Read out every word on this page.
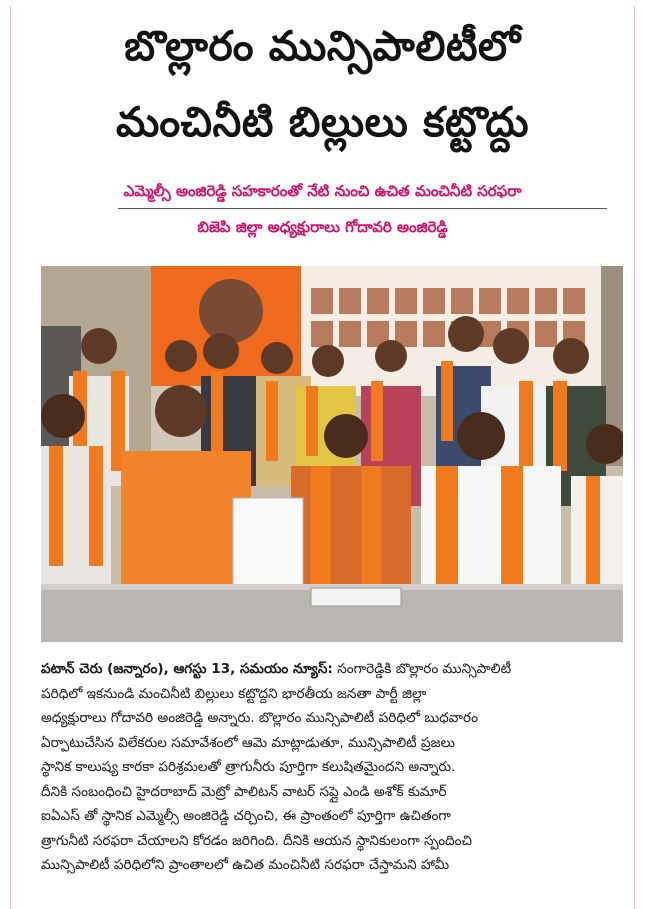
బొల్లారం మున్సిపాలిటీలో
మంచినీటి బిల్లులు కట్టొద్దు
ఎమ్మెల్సీ అంజిరెడ్డి సహకారంతో నేటి నుంచి ఉచిత మంచినీటి సరఫరా
బిజెపి జిల్లా అధ్యక్షురాలు గోదావరి అంజిరెడ్డి
పటాన్ చెరు (జన్నారం), ఆగస్టు 13, సమయం న్యూస్: సంగారెడ్డికి బొల్లారం మున్సిపాలిటీ
పరిధిలో ఇకనుండి మంచినీటి బిల్లులు కట్టొద్దని భారతీయ జనతా పార్టీ జిల్లా
అధ్యక్షురాలు గోదావరి అంజిరెడ్డి అన్నారు. బొల్లారం మున్సిపాలిటీ పరిధిలో బుధవారం
ఏర్పాటుచేసిన విలేకరుల సమావేశంలో ఆమె మాట్లాడుతూ, మున్సిపాలిటీ ప్రజలు
స్థానిక కాలుష్య కారకా పరిశ్రమలతో త్రాగునీరు పూర్తిగా కలుషితమైందని అన్నారు.
దీనికి సంబంధించి హైదరాబాద్ మెట్రో పాలిటన్ వాటర్ సప్లై ఎండి అశోక్ కుమార్
ఐఏఎస్ తో స్థానిక ఎమ్మెల్సీ అంజిరెడ్డి చర్చించి, ఈ ప్రాంతంలో పూర్తిగా ఉచితంగా
త్రాగునీటి సరఫరా చేయాలని కోరడం జరిగింది. దీనికి ఆయన స్థానికులంగా స్పందించి
మున్సిపాలిటీ పరిధిలోని ప్రాంతాలలో ఉచిత మంచినీటి సరఫరా చేస్తామని హామీ
